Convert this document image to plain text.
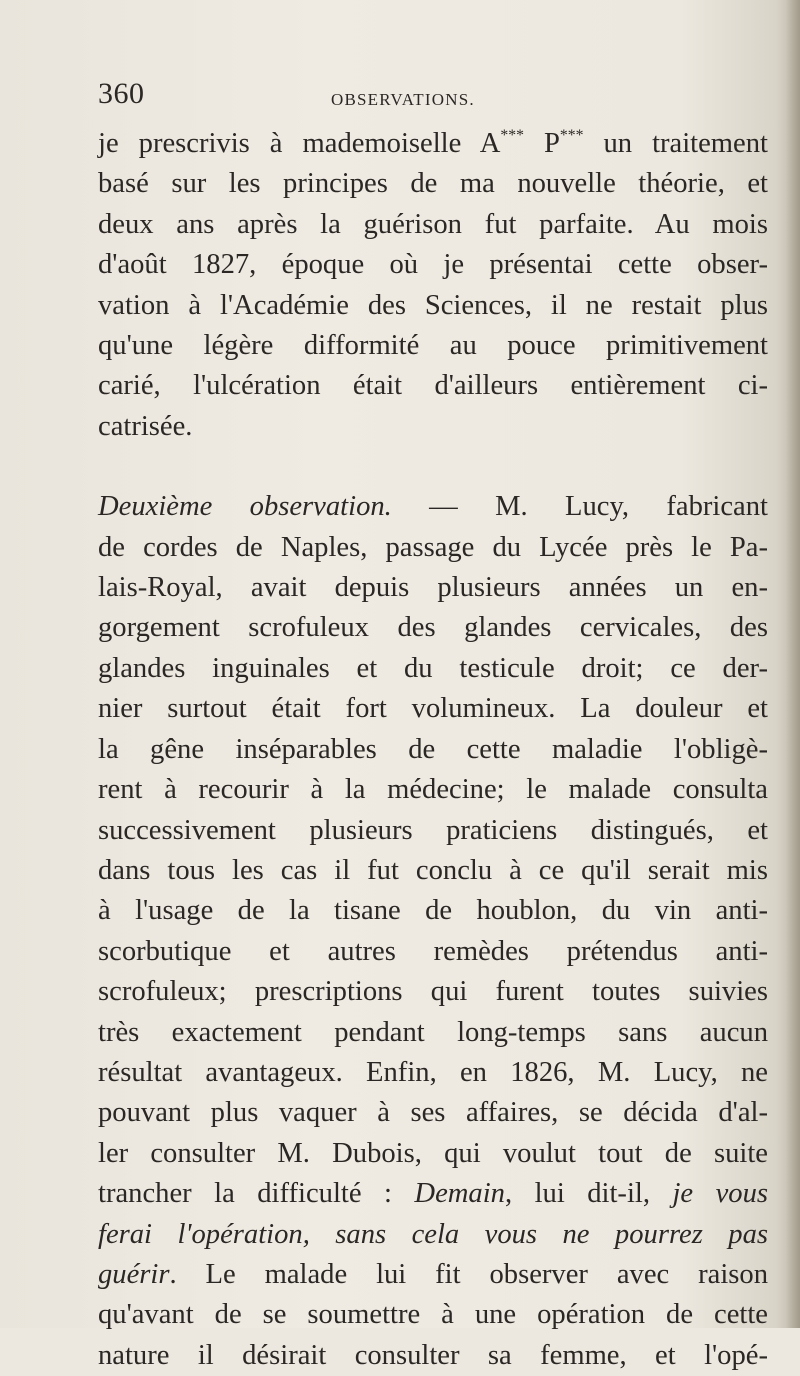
360	OBSERVATIONS.
je prescrivis à mademoiselle A*** P*** un traitement
basé sur les principes de ma nouvelle théorie, et
deux ans après la guérison fut parfaite. Au mois
d'août 1827, époque où je présentai cette obser-
vation à l'Académie des Sciences, il ne restait plus
qu'une légère difformité au pouce primitivement
carié, l'ulcération était d'ailleurs entièrement ci-
catrisée.
Deuxième observation. — M. Lucy, fabricant
de cordes de Naples, passage du Lycée près le Pa-
lais-Royal, avait depuis plusieurs années un en-
gorgement scrofuleux des glandes cervicales, des
glandes inguinales et du testicule droit; ce der-
nier surtout était fort volumineux. La douleur et
la gêne inséparables de cette maladie l'obligè-
rent à recourir à la médecine; le malade consulta
successivement plusieurs praticiens distingués, et
dans tous les cas il fut conclu à ce qu'il serait mis
à l'usage de la tisane de houblon, du vin anti-
scorbutique et autres remèdes prétendus anti-
scrofuleux; prescriptions qui furent toutes suivies
très exactement pendant long-temps sans aucun
résultat avantageux. Enfin, en 1826, M. Lucy, ne
pouvant plus vaquer à ses affaires, se décida d'al-
ler consulter M. Dubois, qui voulut tout de suite
trancher la difficulté : Demain, lui dit-il, je vous
ferai l'opération, sans cela vous ne pourrez pas
guérir. Le malade lui fit observer avec raison
qu'avant de se soumettre à une opération de cette
nature il désirait consulter sa femme, et l'opé-
